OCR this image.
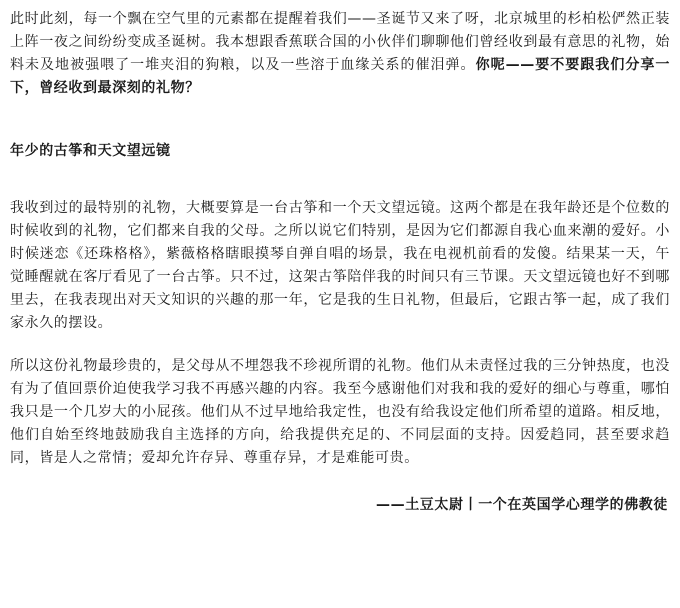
此时此刻，每一个飘在空气里的元素都在提醒着我们——圣诞节又来了呀，北京城里的杉柏松俨然正装上阵一夜之间纷纷变成圣诞树。我本想跟香蕉联合国的小伙伴们聊聊他们曾经收到最有意思的礼物，始料未及地被强喂了一堆夹泪的狗粮，以及一些溶于血缘关系的催泪弹。你呢——要不要跟我们分享一下，曾经收到最深刻的礼物？

年少的古筝和天文望远镜

我收到过的最特别的礼物，大概要算是一台古筝和一个天文望远镜。这两个都是在我年龄还是个位数的时候收到的礼物，它们都来自我的父母。之所以说它们特别，是因为它们都源自我心血来潮的爱好。小时候迷恋《还珠格格》，紫薇格格瞎眼摸琴自弹自唱的场景，我在电视机前看的发傻。结果某一天，午觉睡醒就在客厅看见了一台古筝。只不过，这架古筝陪伴我的时间只有三节课。天文望远镜也好不到哪里去，在我表现出对天文知识的兴趣的那一年，它是我的生日礼物，但最后，它跟古筝一起，成了我们家永久的摆设。

所以这份礼物最珍贵的，是父母从不埋怨我不珍视所谓的礼物。他们从未责怪过我的三分钟热度，也没有为了值回票价迫使我学习我不再感兴趣的内容。我至今感谢他们对我和我的爱好的细心与尊重，哪怕我只是一个几岁大的小屁孩。他们从不过早地给我定性，也没有给我设定他们所希望的道路。相反地，他们自始至终地鼓励我自主选择的方向，给我提供充足的、不同层面的支持。因爱趋同，甚至要求趋同，皆是人之常情；爱却允许存异、尊重存异，才是难能可贵。

——土豆太尉丨一个在英国学心理学的佛教徒
